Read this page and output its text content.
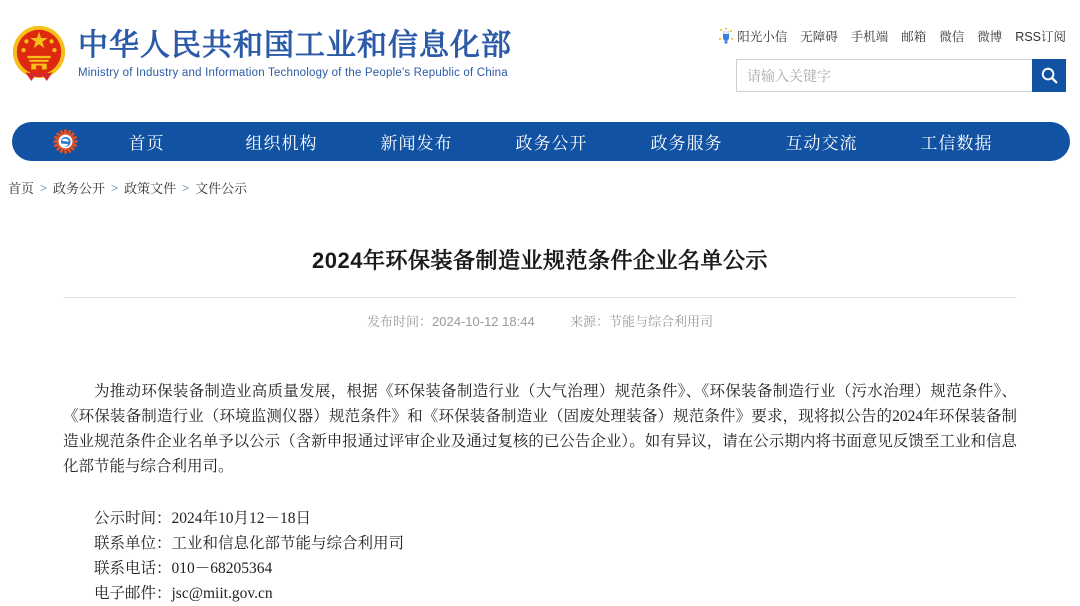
中华人民共和国工业和信息化部
Ministry of Industry and Information Technology of the People's Republic of China
阳光小信 无障碍 手机端 邮箱 微信 微博 RSS订阅
请输入关键字
首页	组织机构	新闻发布	政务公开	政务服务	互动交流	工信数据
首页 > 政务公开 > 政策文件 > 文件公示
2024年环保装备制造业规范条件企业名单公示
发布时间：2024-10-12 18:44	来源：节能与综合利用司

为推动环保装备制造业高质量发展，根据《环保装备制造行业（大气治理）规范条件》、《环保装备制造行业（污水治理）规范条件》、《环保装备制造行业（环境监测仪器）规范条件》和《环保装备制造业（固废处理装备）规范条件》要求，现将拟公告的2024年环保装备制造业规范条件企业名单予以公示（含新申报通过评审企业及通过复核的已公告企业）。如有异议，请在公示期内将书面意见反馈至工业和信息化部节能与综合利用司。

公示时间：2024年10月12－18日
联系单位：工业和信息化部节能与综合利用司
联系电话：010－68205364
电子邮件：jsc@miit.gov.cn
